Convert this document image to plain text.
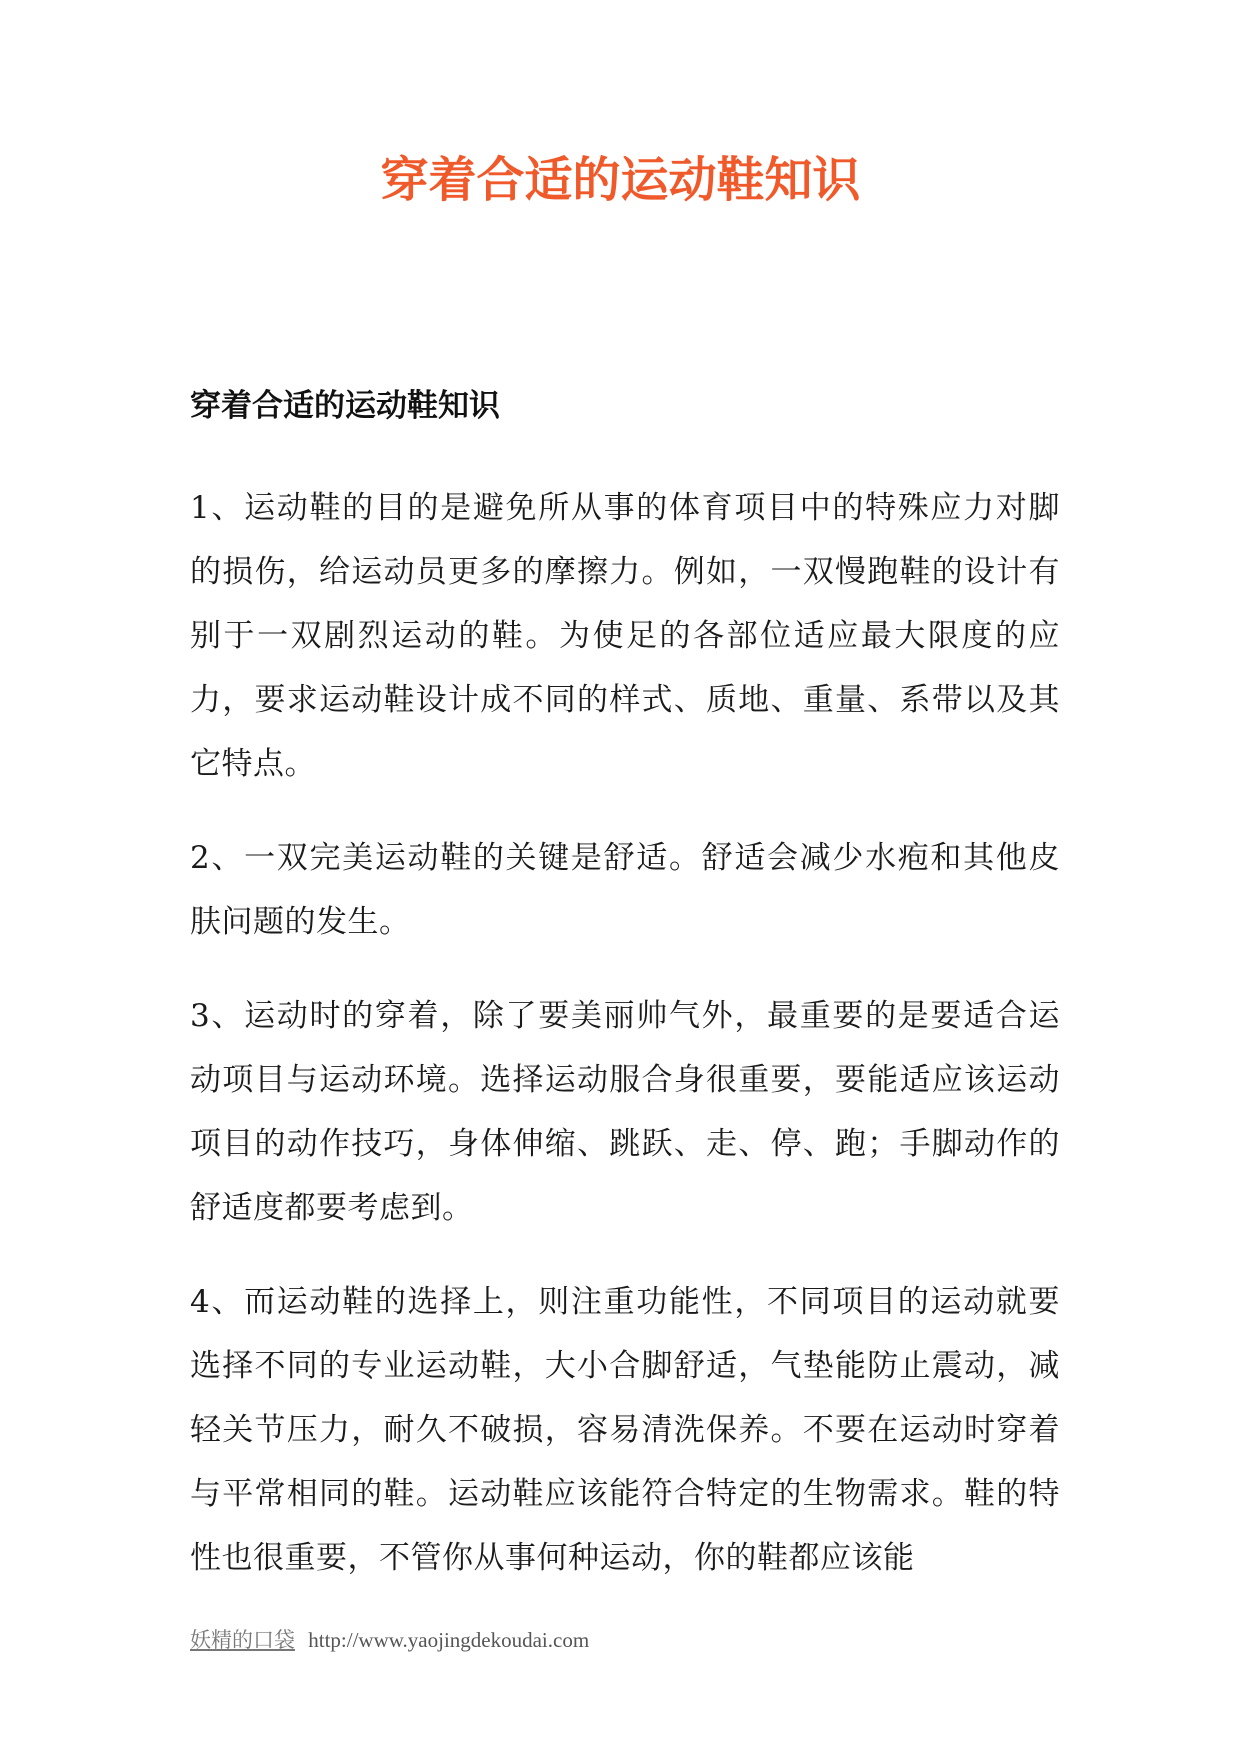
穿着合适的运动鞋知识
穿着合适的运动鞋知识

1、运动鞋的目的是避免所从事的体育项目中的特殊应力对脚的损伤，给运动员更多的摩擦力。例如，一双慢跑鞋的设计有别于一双剧烈运动的鞋。为使足的各部位适应最大限度的应力，要求运动鞋设计成不同的样式、质地、重量、系带以及其它特点。

2、一双完美运动鞋的关键是舒适。舒适会减少水疱和其他皮肤问题的发生。

3、运动时的穿着，除了要美丽帅气外，最重要的是要适合运动项目与运动环境。选择运动服合身很重要，要能适应该运动项目的动作技巧，身体伸缩、跳跃、走、停、跑；手脚动作的舒适度都要考虑到。

4、而运动鞋的选择上，则注重功能性，不同项目的运动就要选择不同的专业运动鞋，大小合脚舒适，气垫能防止震动，减轻关节压力，耐久不破损，容易清洗保养。不要在运动时穿着与平常相同的鞋。运动鞋应该能符合特定的生物需求。鞋的特性也很重要，不管你从事何种运动，你的鞋都应该能

妖精的口袋 http://www.yaojingdekoudai.com
